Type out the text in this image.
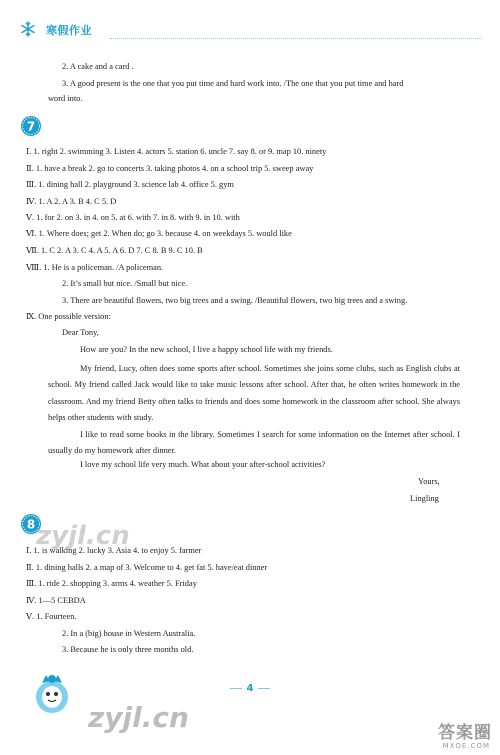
寒假作业
2. A cake and a card .
3. A good present is the one that you put time and hard work into. /The one that you put time and hard
word into.
7
Ⅰ. 1. right 2. swimming 3. Listen 4. actors 5. station 6. uncle 7. say 8. or 9. map 10. ninety
Ⅱ. 1. have a break 2. go to concerts 3. taking photos 4. on a school trip 5. sweep away
Ⅲ. 1. dining hall 2. playground 3. science lab 4. office 5. gym
Ⅳ. 1. A 2. A 3. B 4. C 5. D
Ⅴ. 1. for 2. on 3. in 4. on 5. at 6. with 7. in 8. with 9. in 10. with
Ⅵ. 1. Where does; get 2. When do; go 3. because 4. on weekdays 5. would like
Ⅶ. 1. C 2. A 3. C 4. A 5. A 6. D 7. C 8. B 9. C 10. B
Ⅷ. 1. He is a policeman. /A policeman.
2. It’s small but nice. /Small but nice.
3. There are beautiful flowers, two big trees and a swing. /Beautiful flowers, two big trees and a swing.
Ⅸ. One possible version:
Dear Tony,
How are you? In the new school, I live a happy school life with my friends.
My friend, Lucy, often does some sports after school. Sometimes she joins some clubs, such as English clubs at school. My friend called Jack would like to take music lessons after school. After that, he often writes homework in the classroom. And my friend Betty often talks to friends and does some homework in the classroom after school. She always helps other students with study.
I like to read some books in the library. Sometimes I search for some information on the Internet after school. I usually do my homework after dinner.
I love my school life very much. What about your after-school activities?
Yours,
Lingling
8 zyjl.cn
Ⅰ. 1. is walking 2. lucky 3. Asia 4. to enjoy 5. farmer
Ⅱ. 1. dining halls 2. a map of 3. Welcome to 4. get fat 5. have/eat dinner
Ⅲ. 1. ride 2. shopping 3. arms 4. weather 5. Friday
Ⅳ. 1—5 CEBDA
Ⅴ. 1. Fourteen.
2. In a (big) house in Western Australia.
3. Because he is only three months old.
zyjl.cn
4
答案圈
MXQE.COM
